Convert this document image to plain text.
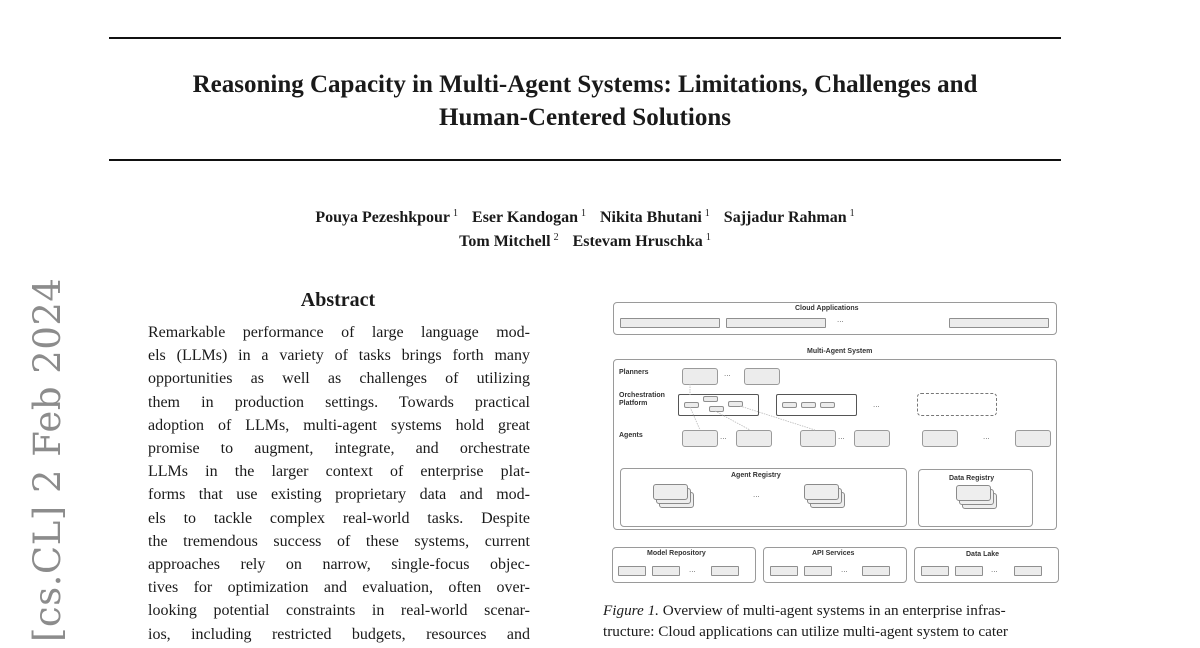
Reasoning Capacity in Multi-Agent Systems: Limitations, Challenges and
Human-Centered Solutions
Pouya Pezeshkpour $^1$ Eser Kandogan $^1$ Nikita Bhutani $^1$ Sajjadur Rahman $^1$
Tom Mitchell $^2$ Estevam Hruschka $^1$
[cs.CL] 2 Feb 2024	Abstract
Remarkable performance of large language mod-
els (LLMs) in a variety of tasks brings forth many
opportunities as well as challenges of utilizing
them in production settings. Towards practical
adoption of LLMs, multi-agent systems hold great
promise to augment, integrate, and orchestrate
LLMs in the larger context of enterprise plat-
forms that use existing proprietary data and mod-
els to tackle complex real-world tasks. Despite
the tremendous success of these systems, current
approaches rely on narrow, single-focus objec-
tives for optimization and evaluation, often over-
looking potential constraints in real-world scenar-
ios, including restricted budgets, resources and
Cloud Applications
...
Multi-Agent System
Planners	...
Orchestration
Platform	...
Agents	...	...	...
Agent Registry
...
Data Registry
Model Repository
...
API Services
...
Data Lake
...
Figure 1. Overview of multi-agent systems in an enterprise infras-
tructure: Cloud applications can utilize multi-agent system to cater
